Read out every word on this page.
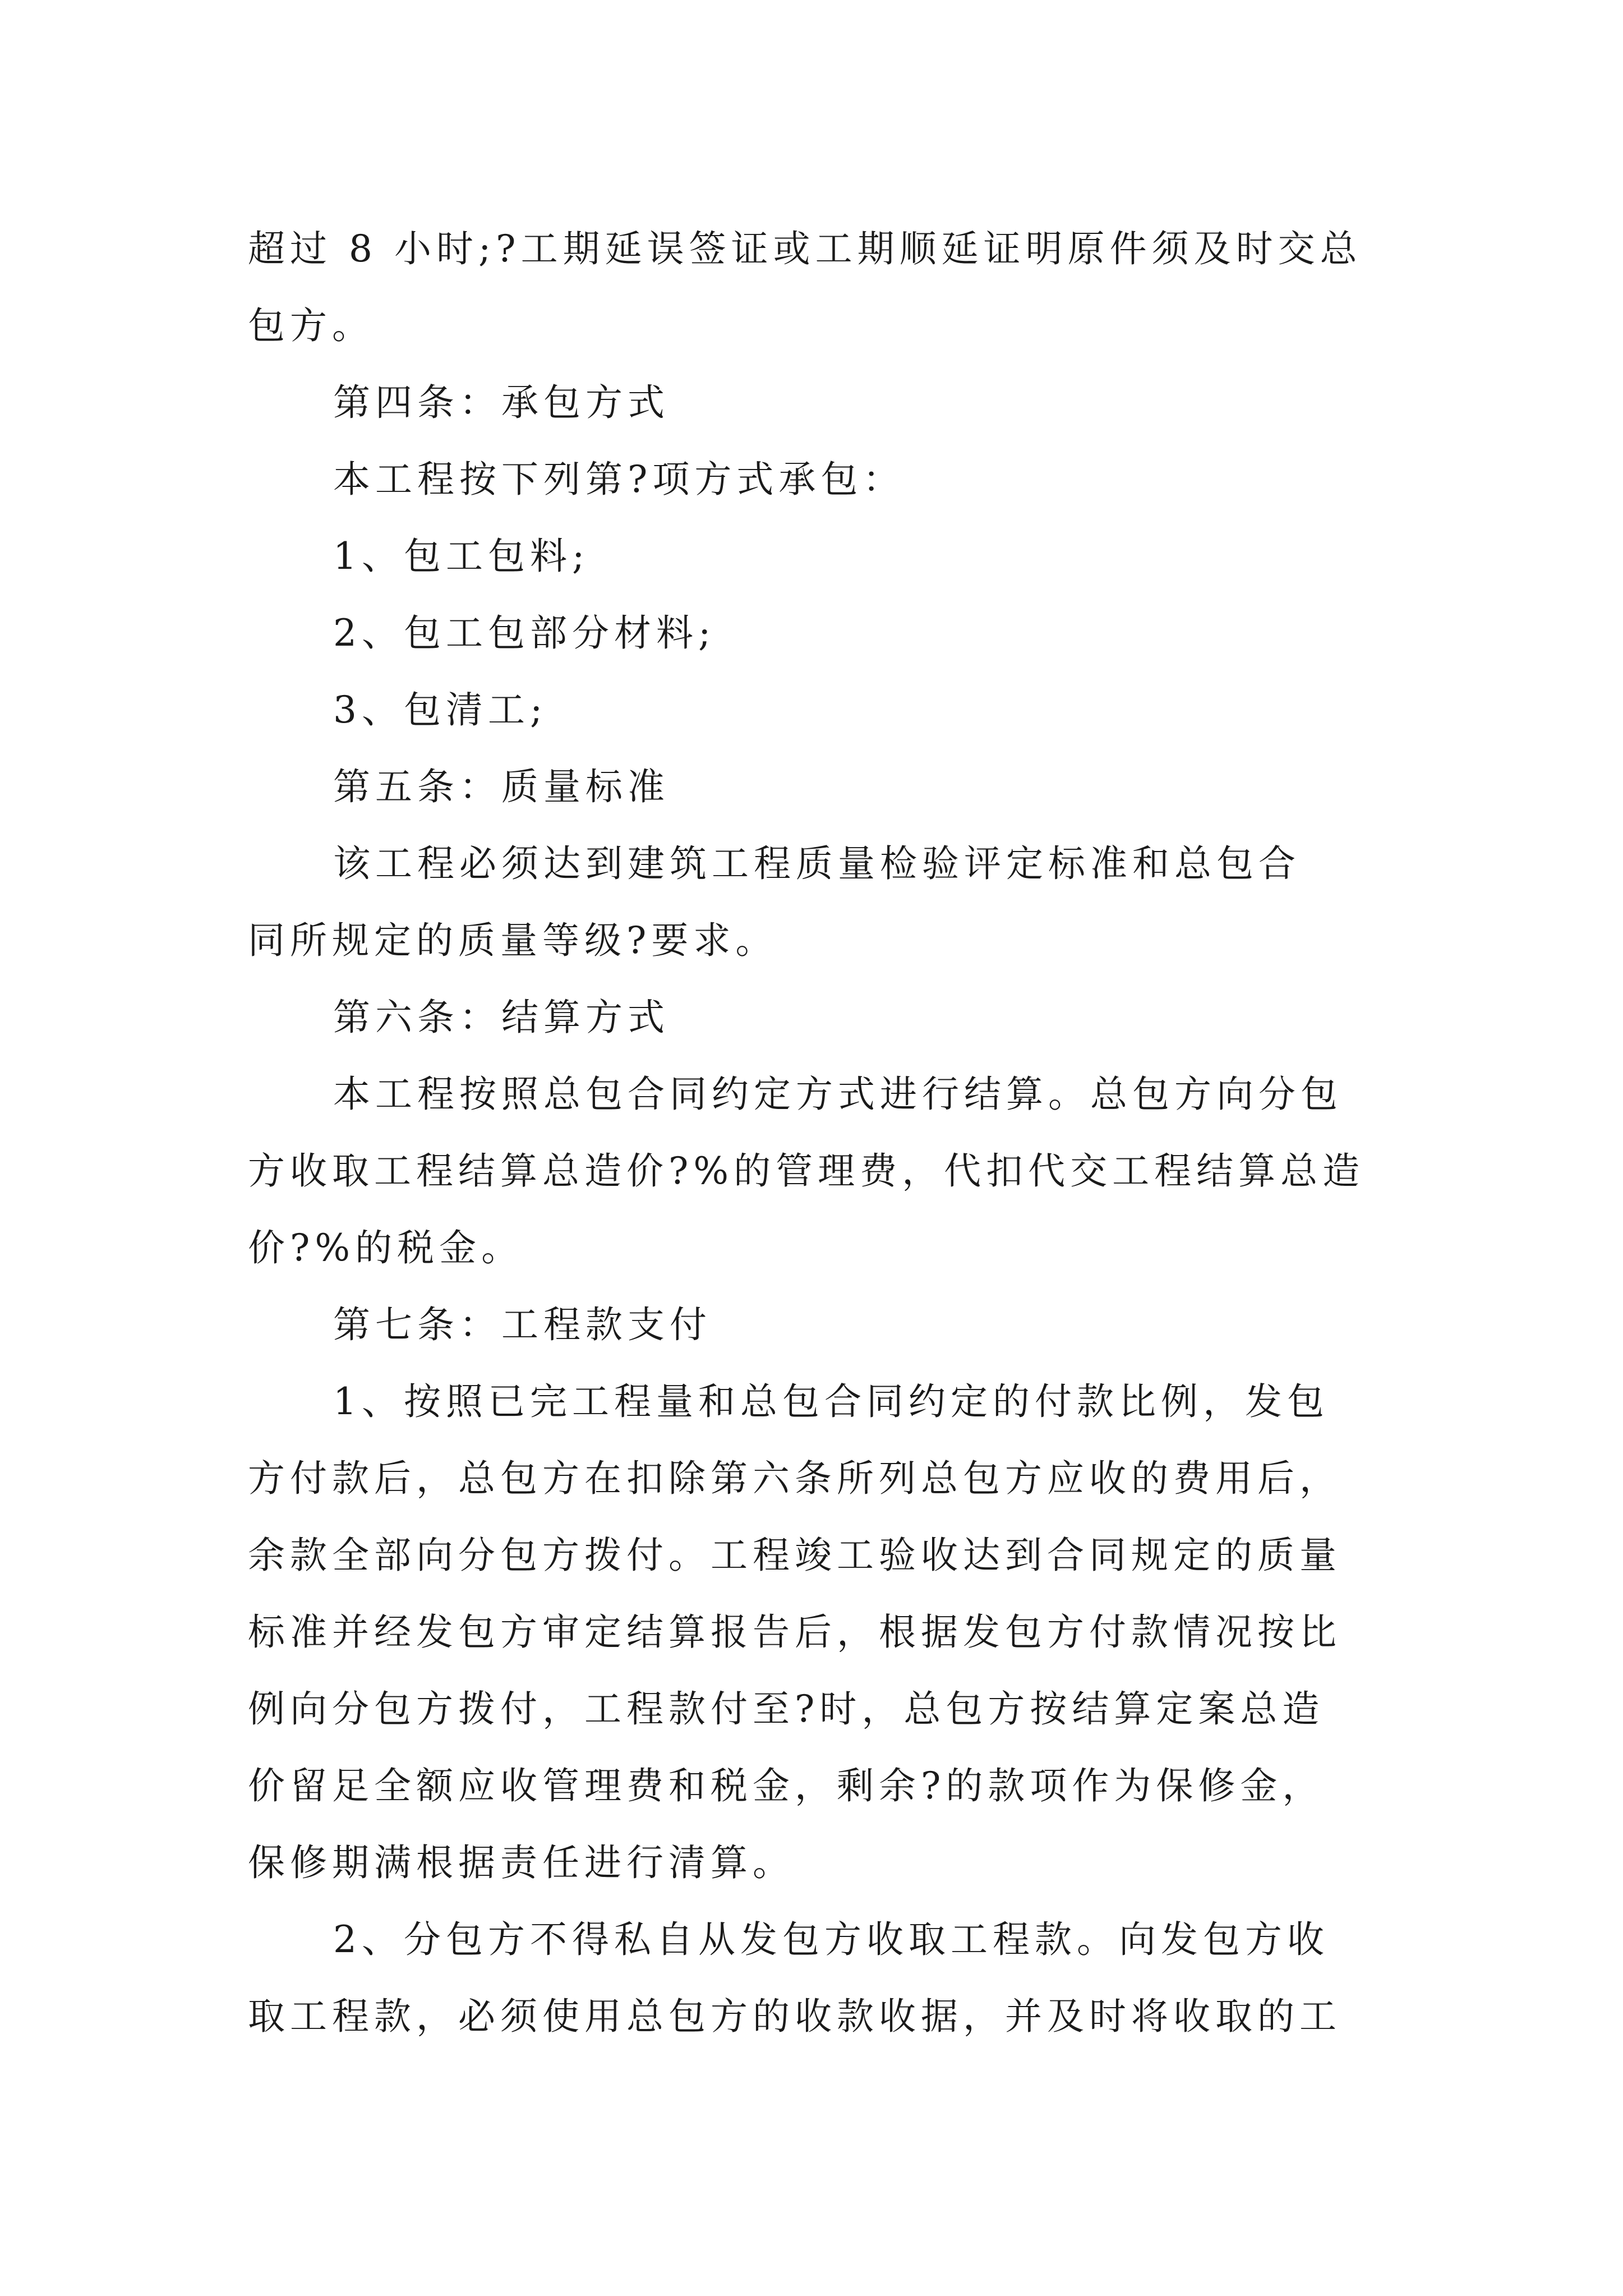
超过 8 小时;?工期延误签证或工期顺延证明原件须及时交总
包方。
第四条：承包方式
本工程按下列第?项方式承包：
1、包工包料;
2、包工包部分材料;
3、包清工;
第五条：质量标准
该工程必须达到建筑工程质量检验评定标准和总包合
同所规定的质量等级?要求。
第六条：结算方式
本工程按照总包合同约定方式进行结算。总包方向分包
方收取工程结算总造价?%的管理费，代扣代交工程结算总造
价?%的税金。
第七条：工程款支付
1、按照已完工程量和总包合同约定的付款比例，发包
方付款后，总包方在扣除第六条所列总包方应收的费用后，
余款全部向分包方拨付。工程竣工验收达到合同规定的质量
标准并经发包方审定结算报告后，根据发包方付款情况按比
例向分包方拨付，工程款付至?时，总包方按结算定案总造
价留足全额应收管理费和税金，剩余?的款项作为保修金，
保修期满根据责任进行清算。
2、分包方不得私自从发包方收取工程款。向发包方收
取工程款，必须使用总包方的收款收据，并及时将收取的工
